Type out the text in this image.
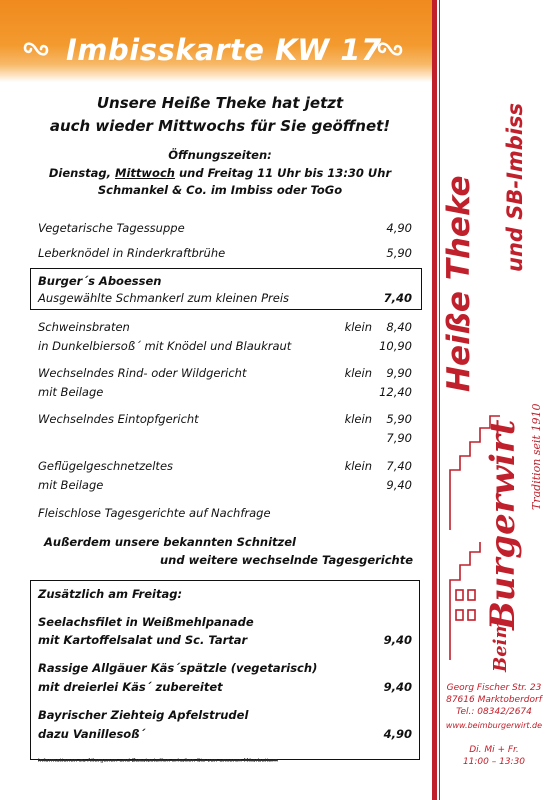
Imbisskarte KW 17
Unsere Heiße Theke hat jetzt
auch wieder Mittwochs für Sie geöffnet!
Öffnungszeiten:
Dienstag, Mittwoch und Freitag 11 Uhr bis 13:30 Uhr
Schmankel & Co. im Imbiss oder ToGo
Vegetarische Tagessuppe	4,90
Leberknödel in Rinderkraftbrühe	5,90
Burger´s Aboessen
Ausgewählte Schmankerl zum kleinen Preis	7,40
Schweinsbraten	klein 8,40
in Dunkelbiersoß´ mit Knödel und Blaukraut	10,90
Wechselndes Rind- oder Wildgericht	klein 9,90
mit Beilage	12,40
Wechselndes Eintopfgericht	klein 5,90
7,90
Geflügelgeschnetzeltes	klein 7,40
mit Beilage	9,40
Fleischlose Tagesgerichte auf Nachfrage
Außerdem unsere bekannten Schnitzel
und weitere wechselnde Tagesgerichte
Zusätzlich am Freitag:
Seelachsfilet in Weißmehlpanade
mit Kartoffelsalat und Sc. Tartar	9,40
Rassige Allgäuer Käs´spätzle (vegetarisch)
mit dreierlei Käs´ zubereitet	9,40
Bayrischer Ziehteig Apfelstrudel
dazu Vanillesoß´	4,90
Informationen zu Allergenen und Zusatzstoffen erhalten Sie von unseren Mitarbeitern
Heiße Theke und SB-Imbiss
Beim
Burgerwirt Tradition seit 1910
Georg Fischer Str. 23
87616 Marktoberdorf
Tel.: 08342/2674
www.beimburgerwirt.de
Di. Mi + Fr.
11:00 – 13:30
